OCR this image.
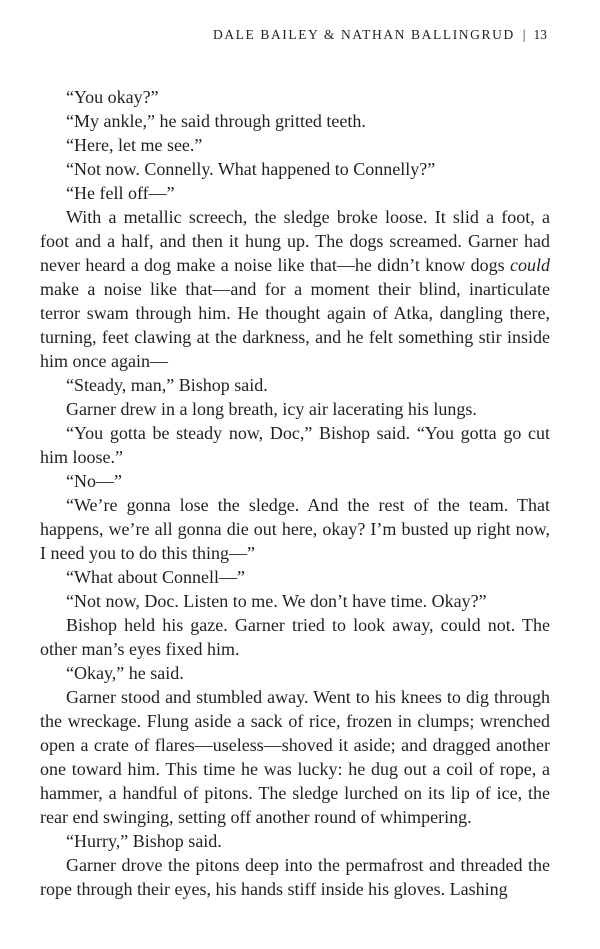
DALE BAILEY & NATHAN BALLINGRUD | 13

“You okay?”

“My ankle,” he said through gritted teeth.

“Here, let me see.”

“Not now. Connelly. What happened to Connelly?”

“He fell off—”

With a metallic screech, the sledge broke loose. It slid a foot, a foot and a half, and then it hung up. The dogs screamed. Garner had never heard a dog make a noise like that—he didn’t know dogs could make a noise like that—and for a moment their blind, inarticulate terror swam through him. He thought again of Atka, dangling there, turning, feet clawing at the darkness, and he felt something stir inside him once again—

“Steady, man,” Bishop said.

Garner drew in a long breath, icy air lacerating his lungs.

“You gotta be steady now, Doc,” Bishop said. “You gotta go cut him loose.”

“No—”

“We’re gonna lose the sledge. And the rest of the team. That happens, we’re all gonna die out here, okay? I’m busted up right now, I need you to do this thing—”

“What about Connell—”

“Not now, Doc. Listen to me. We don’t have time. Okay?”

Bishop held his gaze. Garner tried to look away, could not. The other man’s eyes fixed him.

“Okay,” he said.

Garner stood and stumbled away. Went to his knees to dig through the wreckage. Flung aside a sack of rice, frozen in clumps; wrenched open a crate of flares—useless—shoved it aside; and dragged another one toward him. This time he was lucky: he dug out a coil of rope, a hammer, a handful of pitons. The sledge lurched on its lip of ice, the rear end swinging, setting off another round of whimpering.

“Hurry,” Bishop said.

Garner drove the pitons deep into the permafrost and threaded the rope through their eyes, his hands stiff inside his gloves. Lashing
